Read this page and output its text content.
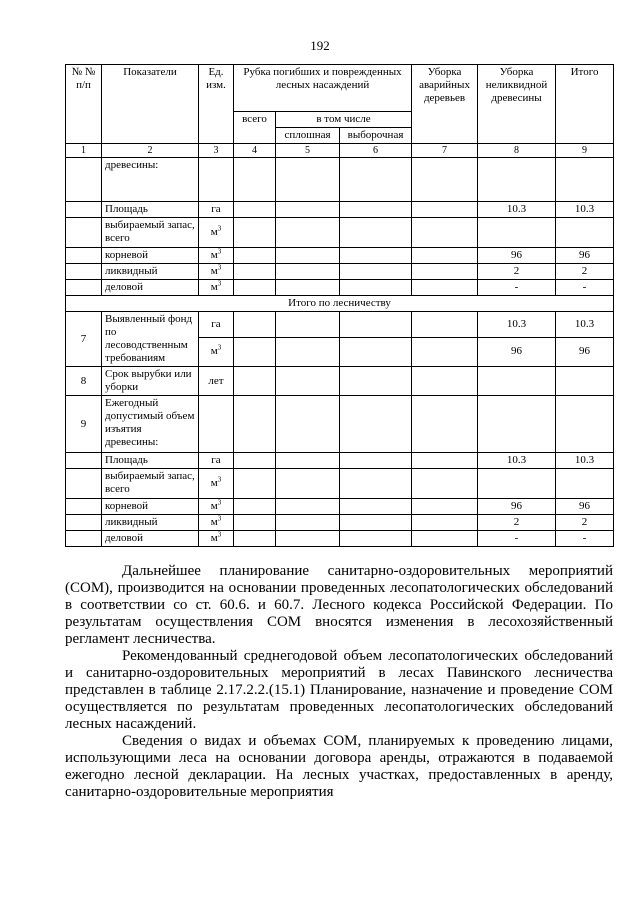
192
№ № п/п	Показатели	Ед. изм.	Рубка погибших и поврежденных лесных насаждений			Уборка аварийных деревьев	Уборка неликвидной древесины	Итого
			всего	в том числе				
				сплошная	выборочная			
1	2	3	4	5	6	7	8	9
	древесины:							
	Площадь	га					10.3	10.3
	выбираемый запас, всего	$м^3$						
	корневой	$м^3$					96	96
	ликвидный	$м^3$					2	2
	деловой	$м^3$					-	-
Итого по лесничеству								
7	Выявленный фонд по лесоводственным требованиям	га					10.3	10.3
		$м^3$					96	96
8	Срок вырубки или уборки	лет						
9	Ежегодный допустимый объем изъятия древесины:							
	Площадь	га					10.3	10.3
	выбираемый запас, всего	$м^3$						
	корневой	$м^3$					96	96
	ликвидный	$м^3$					2	2
	деловой	$м^3$					-	-

Дальнейшее планирование санитарно-оздоровительных мероприятий (СОМ), производится на основании проведенных лесопатологических обследований в соответствии со ст. 60.6. и 60.7. Лесного кодекса Российской Федерации. По результатам осуществления СОМ вносятся изменения в лесохозяйственный регламент лесничества.

Рекомендованный среднегодовой объем лесопатологических обследований и санитарно-оздоровительных мероприятий в лесах Павинского лесничества представлен в таблице 2.17.2.2.(15.1) Планирование, назначение и проведение СОМ осуществляется по результатам проведенных лесопатологических обследований лесных насаждений.

Сведения о видах и объемах СОМ, планируемых к проведению лицами, использующими леса на основании договора аренды, отражаются в подаваемой ежегодно лесной декларации. На лесных участках, предоставленных в аренду, санитарно-оздоровительные мероприятия
